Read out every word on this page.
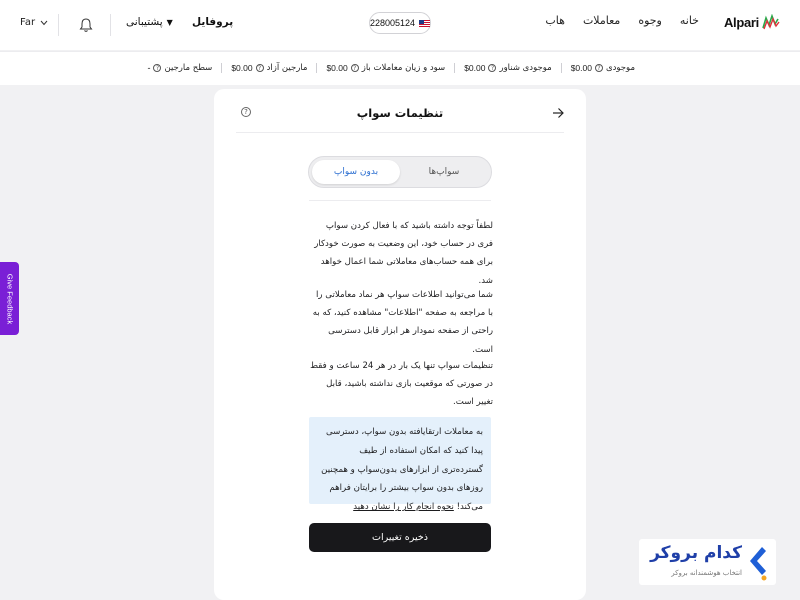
Alpari
خانه
وجوه
معاملات
هاب
228005124
پروفایل
پشتیبانی ▼
Far
موجودی
?
$0.00
موجودی شناور
?
$0.00
سود و زیان معاملات باز
?
$0.00
مارجین آزاد
?
$0.00
سطح مارجین
?
-
تنظیمات سواپ
?
سواپ‌ها
بدون سواپ

لطفاً توجه داشته باشید که با فعال کردن سواپ فری در حساب خود، این وضعیت به صورت خودکار برای همه حساب‌های معاملاتی شما اعمال خواهد شد.

شما می‌توانید اطلاعات سواپ هر نماد معاملاتی را با مراجعه به صفحه "اطلاعات" مشاهده کنید، که به راحتی از صفحه نمودار هر ابزار قابل دسترسی است.

تنظیمات سواپ تنها یک بار در هر 24 ساعت و فقط در صورتی که موقعیت بازی نداشته باشید، قابل تغییر است.

به معاملات ارتقایافته بدون سواپ، دسترسی پیدا کنید که امکان استفاده از طیف گسترده‌تری از ابزارهای بدون‌سواپ و همچنین روزهای بدون سواپ بیشتر را برایتان فراهم می‌کند! نحوه انجام کار را نشان دهید
ذخیره تغییرات
Give Feedback
کدام بروکر
انتخاب هوشمندانه بروکر
